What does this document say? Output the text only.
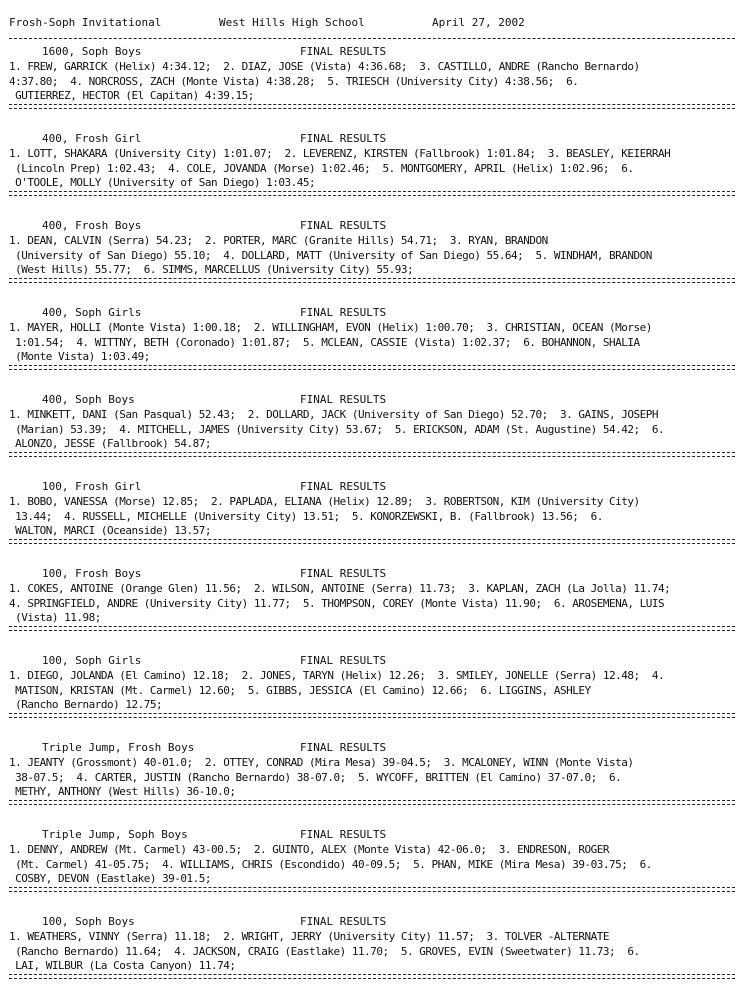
Frosh-Soph Invitational	West Hills High School	April 27, 2002
1600, Soph Boys	FINAL RESULTS
1. FREW, GARRICK (Helix) 4:34.12;  2. DIAZ, JOSE (Vista) 4:36.68;  3. CASTILLO, ANDRE (Rancho Bernardo)
4:37.80;  4. NORCROSS, ZACH (Monte Vista) 4:38.28;  5. TRIESCH (University City) 4:38.56;  6.
GUTIERREZ, HECTOR (El Capitan) 4:39.15;
400, Frosh Girl	FINAL RESULTS
1. LOTT, SHAKARA (University City) 1:01.07;  2. LEVERENZ, KIRSTEN (Fallbrook) 1:01.84;  3. BEASLEY, KEIERRAH
(Lincoln Prep) 1:02.43;  4. COLE, JOVANDA (Morse) 1:02.46;  5. MONTGOMERY, APRIL (Helix) 1:02.96;  6.
O'TOOLE, MOLLY (University of San Diego) 1:03.45;
400, Frosh Boys	FINAL RESULTS
1. DEAN, CALVIN (Serra) 54.23;  2. PORTER, MARC (Granite Hills) 54.71;  3. RYAN, BRANDON
(University of San Diego) 55.10;  4. DOLLARD, MATT (University of San Diego) 55.64;  5. WINDHAM, BRANDON
(West Hills) 55.77;  6. SIMMS, MARCELLUS (University City) 55.93;
400, Soph Girls	FINAL RESULTS
1. MAYER, HOLLI (Monte Vista) 1:00.18;  2. WILLINGHAM, EVON (Helix) 1:00.70;  3. CHRISTIAN, OCEAN (Morse)
1:01.54;  4. WITTNY, BETH (Coronado) 1:01.87;  5. MCLEAN, CASSIE (Vista) 1:02.37;  6. BOHANNON, SHALIA
(Monte Vista) 1:03.49;
400, Soph Boys	FINAL RESULTS
1. MINKETT, DANI (San Pasqual) 52.43;  2. DOLLARD, JACK (University of San Diego) 52.70;  3. GAINS, JOSEPH
(Marian) 53.39;  4. MITCHELL, JAMES (University City) 53.67;  5. ERICKSON, ADAM (St. Augustine) 54.42;  6.
ALONZO, JESSE (Fallbrook) 54.87;
100, Frosh Girl	FINAL RESULTS
1. BOBO, VANESSA (Morse) 12.85;  2. PAPLADA, ELIANA (Helix) 12.89;  3. ROBERTSON, KIM (University City)
13.44;  4. RUSSELL, MICHELLE (University City) 13.51;  5. KONORZEWSKI, B. (Fallbrook) 13.56;  6.
WALTON, MARCI (Oceanside) 13.57;
100, Frosh Boys	FINAL RESULTS
1. COKES, ANTOINE (Orange Glen) 11.56;  2. WILSON, ANTOINE (Serra) 11.73;  3. KAPLAN, ZACH (La Jolla) 11.74;
4. SPRINGFIELD, ANDRE (University City) 11.77;  5. THOMPSON, COREY (Monte Vista) 11.90;  6. AROSEMENA, LUIS
(Vista) 11.98;
100, Soph Girls	FINAL RESULTS
1. DIEGO, JOLANDA (El Camino) 12.18;  2. JONES, TARYN (Helix) 12.26;  3. SMILEY, JONELLE (Serra) 12.48;  4.
MATISON, KRISTAN (Mt. Carmel) 12.60;  5. GIBBS, JESSICA (El Camino) 12.66;  6. LIGGINS, ASHLEY
(Rancho Bernardo) 12.75;
Triple Jump, Frosh Boys	FINAL RESULTS
1. JEANTY (Grossmont) 40-01.0;  2. OTTEY, CONRAD (Mira Mesa) 39-04.5;  3. MCALONEY, WINN (Monte Vista)
38-07.5;  4. CARTER, JUSTIN (Rancho Bernardo) 38-07.0;  5. WYCOFF, BRITTEN (El Camino) 37-07.0;  6.
METHY, ANTHONY (West Hills) 36-10.0;
Triple Jump, Soph Boys	FINAL RESULTS
1. DENNY, ANDREW (Mt. Carmel) 43-00.5;  2. GUINTO, ALEX (Monte Vista) 42-06.0;  3. ENDRESON, ROGER
(Mt. Carmel) 41-05.75;  4. WILLIAMS, CHRIS (Escondido) 40-09.5;  5. PHAN, MIKE (Mira Mesa) 39-03.75;  6.
COSBY, DEVON (Eastlake) 39-01.5;
100, Soph Boys	FINAL RESULTS
1. WEATHERS, VINNY (Serra) 11.18;  2. WRIGHT, JERRY (University City) 11.57;  3. TOLVER -ALTERNATE
(Rancho Bernardo) 11.64;  4. JACKSON, CRAIG (Eastlake) 11.70;  5. GROVES, EVIN (Sweetwater) 11.73;  6.
LAI, WILBUR (La Costa Canyon) 11.74;
